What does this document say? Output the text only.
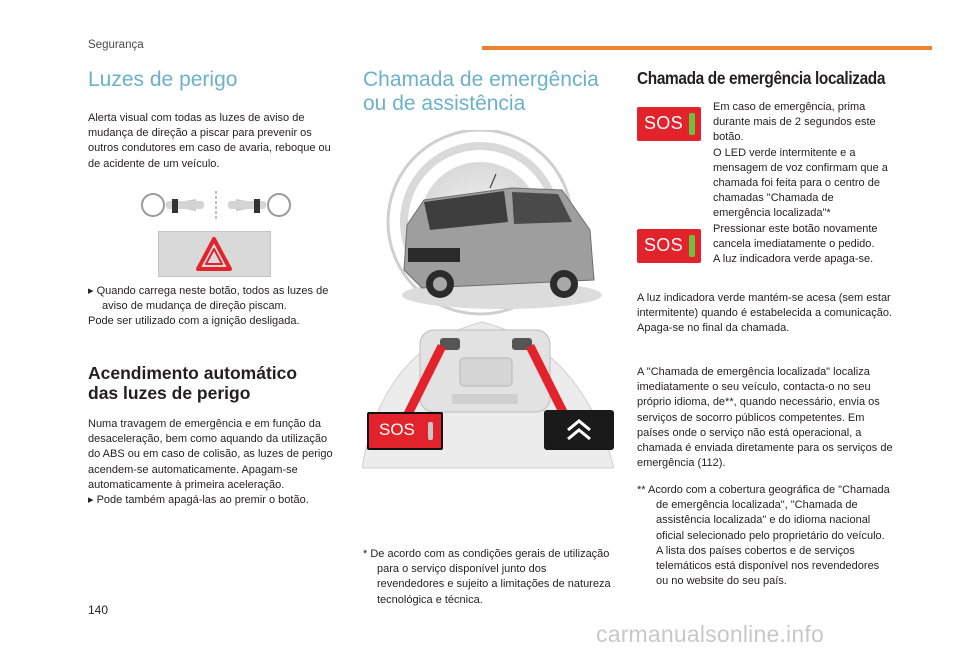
Segurança
Luzes de perigo

Alerta visual com todas as luzes de aviso de mudança de direção a piscar para prevenir os outros condutores em caso de avaria, reboque ou de acidente de um veículo.

▸ Quando carrega neste botão, todos as luzes de aviso de mudança de direção piscam.

Pode ser utilizado com a ignição desligada.

Acendimento automático
das luzes de perigo

Numa travagem de emergência e em função da desaceleração, bem como aquando da utilização do ABS ou em caso de colisão, as luzes de perigo acendem-se automaticamente. Apagam-se automaticamente à primeira aceleração.

▸ Pode também apagá-las ao premir o botão.

Chamada de emergência
ou de assistência
SOS

* De acordo com as condições gerais de utilização para o serviço disponível junto dos revendedores e sujeito a limitações de natureza tecnológica e técnica.

Chamada de emergência localizada
SOS
SOS

Em caso de emergência, prima durante mais de 2 segundos este botão.

O LED verde intermitente e a mensagem de voz confirmam que a chamada foi feita para o centro de chamadas "Chamada de emergência localizada"*

Pressionar este botão novamente cancela imediatamente o pedido.

A luz indicadora verde apaga-se.

A luz indicadora verde mantém-se acesa (sem estar intermitente) quando é estabelecida a comunicação.

Apaga-se no final da chamada.

A "Chamada de emergência localizada" localiza imediatamente o seu veículo, contacta-o no seu próprio idioma, de**, quando necessário, envia os serviços de socorro públicos competentes. Em países onde o serviço não está operacional, a chamada é enviada diretamente para os serviços de emergência (112).

** Acordo com a cobertura geográfica de "Chamada de emergência localizada", "Chamada de assistência localizada" e do idioma nacional oficial selecionado pelo proprietário do veículo.

A lista dos países cobertos e de serviços telemáticos está disponível nos revendedores ou no website do seu país.

140
carmanualsonline.info
